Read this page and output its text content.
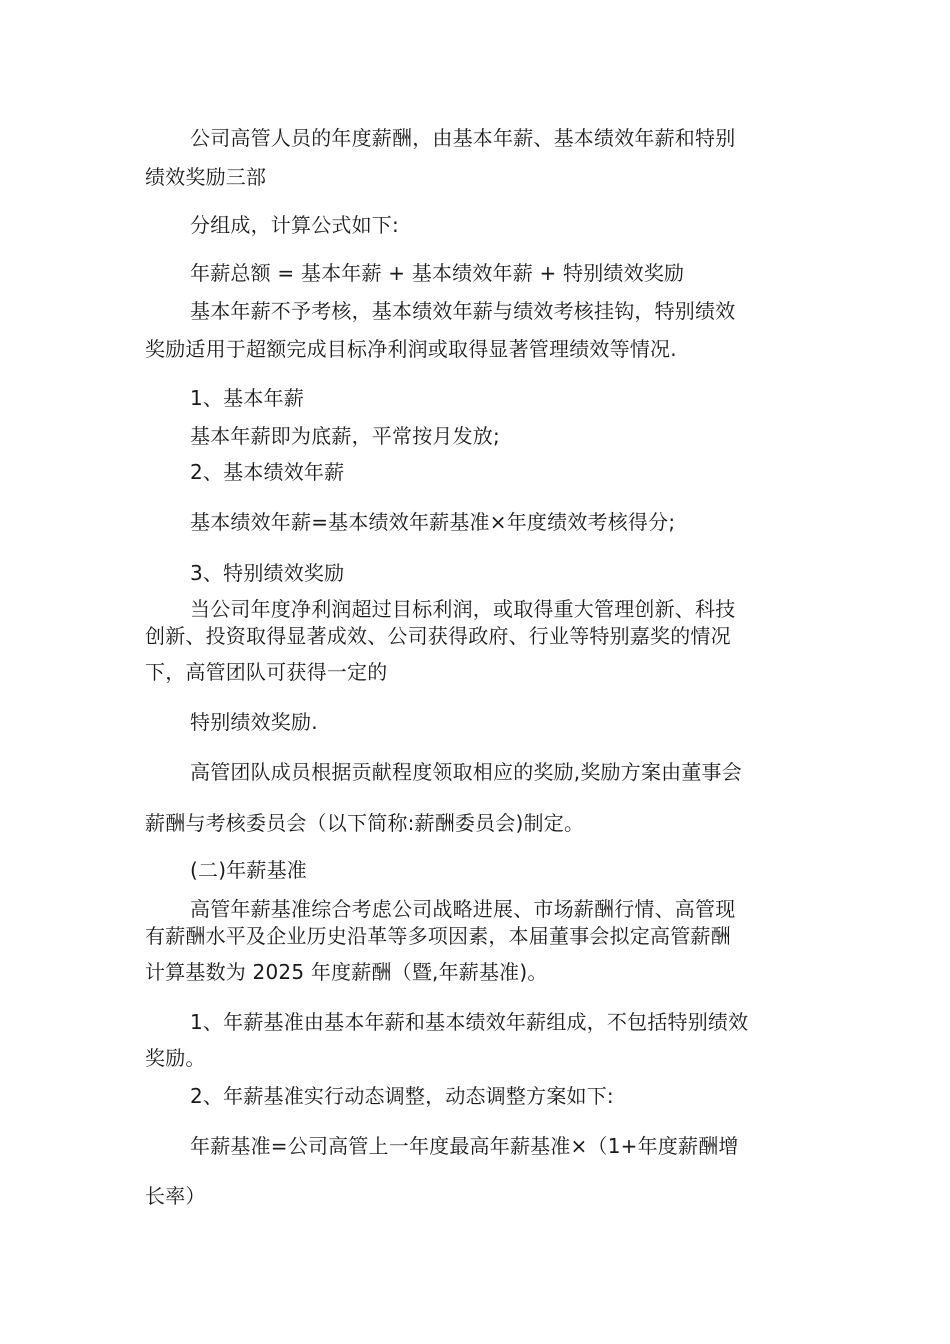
公司高管人员的年度薪酬，由基本年薪、基本绩效年薪和特别
绩效奖励三部
分组成，计算公式如下:
年薪总额 = 基本年薪 + 基本绩效年薪 + 特别绩效奖励
基本年薪不予考核，基本绩效年薪与绩效考核挂钩，特别绩效
奖励适用于超额完成目标净利润或取得显著管理绩效等情况.
1、基本年薪
基本年薪即为底薪，平常按月发放;
2、基本绩效年薪
基本绩效年薪=基本绩效年薪基准×年度绩效考核得分;
3、特别绩效奖励
当公司年度净利润超过目标利润，或取得重大管理创新、科技
创新、投资取得显著成效、公司获得政府、行业等特别嘉奖的情况
下，高管团队可获得一定的
特别绩效奖励.
高管团队成员根据贡献程度领取相应的奖励,奖励方案由董事会
薪酬与考核委员会（以下简称:薪酬委员会)制定。
(二)年薪基准
高管年薪基准综合考虑公司战略进展、市场薪酬行情、高管现
有薪酬水平及企业历史沿革等多项因素，本届董事会拟定高管薪酬
计算基数为 2025 年度薪酬（暨,年薪基准)。
1、年薪基准由基本年薪和基本绩效年薪组成，不包括特别绩效
奖励。
2、年薪基准实行动态调整，动态调整方案如下:
年薪基准=公司高管上一年度最高年薪基准×（1+年度薪酬增
长率）
